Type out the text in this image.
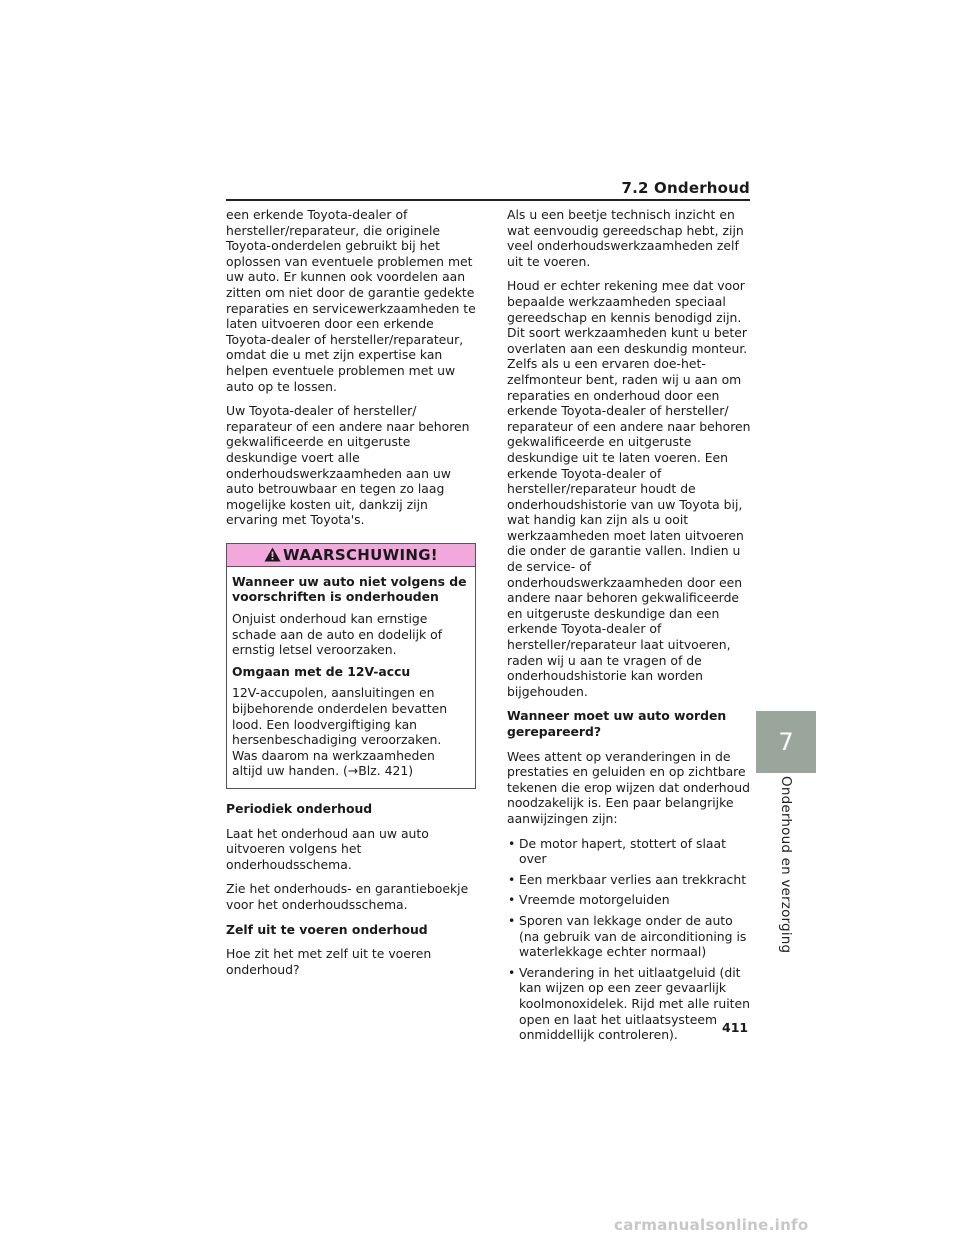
7.2 Onderhoud

een erkende Toyota-dealer of hersteller/reparateur, die originele Toyota-onderdelen gebruikt bij het oplossen van eventuele problemen met uw auto. Er kunnen ook voordelen aan zitten om niet door de garantie gedekte reparaties en servicewerkzaamheden te laten uitvoeren door een erkende Toyota-dealer of hersteller/reparateur, omdat die u met zijn expertise kan helpen eventuele problemen met uw auto op te lossen.

Uw Toyota-dealer of hersteller/ reparateur of een andere naar behoren gekwalificeerde en uitgeruste deskundige voert alle onderhoudswerkzaamheden aan uw auto betrouwbaar en tegen zo laag mogelijke kosten uit, dankzij zijn ervaring met Toyota's.

WAARSCHUWING!

Wanneer uw auto niet volgens de voorschriften is onderhouden

Onjuist onderhoud kan ernstige schade aan de auto en dodelijk of ernstig letsel veroorzaken.

Omgaan met de 12V-accu

12V-accupolen, aansluitingen en bijbehorende onderdelen bevatten lood. Een loodvergiftiging kan hersenbeschadiging veroorzaken. Was daarom na werkzaamheden altijd uw handen. (→Blz. 421)

Periodiek onderhoud

Laat het onderhoud aan uw auto uitvoeren volgens het onderhoudsschema.

Zie het onderhouds- en garantieboekje voor het onderhoudsschema.

Zelf uit te voeren onderhoud

Hoe zit het met zelf uit te voeren onderhoud?

Als u een beetje technisch inzicht en wat eenvoudig gereedschap hebt, zijn veel onderhoudswerkzaamheden zelf uit te voeren.

Houd er echter rekening mee dat voor bepaalde werkzaamheden speciaal gereedschap en kennis benodigd zijn. Dit soort werkzaamheden kunt u beter overlaten aan een deskundig monteur. Zelfs als u een ervaren doe-het-zelfmonteur bent, raden wij u aan om reparaties en onderhoud door een erkende Toyota-dealer of hersteller/ reparateur of een andere naar behoren gekwalificeerde en uitgeruste deskundige uit te laten voeren. Een erkende Toyota-dealer of hersteller/reparateur houdt de onderhoudshistorie van uw Toyota bij, wat handig kan zijn als u ooit werkzaamheden moet laten uitvoeren die onder de garantie vallen. Indien u de service- of onderhoudswerkzaamheden door een andere naar behoren gekwalificeerde en uitgeruste deskundige dan een erkende Toyota-dealer of hersteller/reparateur laat uitvoeren, raden wij u aan te vragen of de onderhoudshistorie kan worden bijgehouden.

Wanneer moet uw auto worden gerepareerd?

Wees attent op veranderingen in de prestaties en geluiden en op zichtbare tekenen die erop wijzen dat onderhoud noodzakelijk is. Een paar belangrijke aanwijzingen zijn:

• De motor hapert, stottert of slaat over
• Een merkbaar verlies aan trekkracht
• Vreemde motorgeluiden
• Sporen van lekkage onder de auto (na gebruik van de airconditioning is waterlekkage echter normaal)
• Verandering in het uitlaatgeluid (dit kan wijzen op een zeer gevaarlijk koolmonoxidelek. Rijd met alle ruiten open en laat het uitlaatsysteem onmiddellijk controleren).
7
Onderhoud en verzorging
411
carmanualsonline.info
